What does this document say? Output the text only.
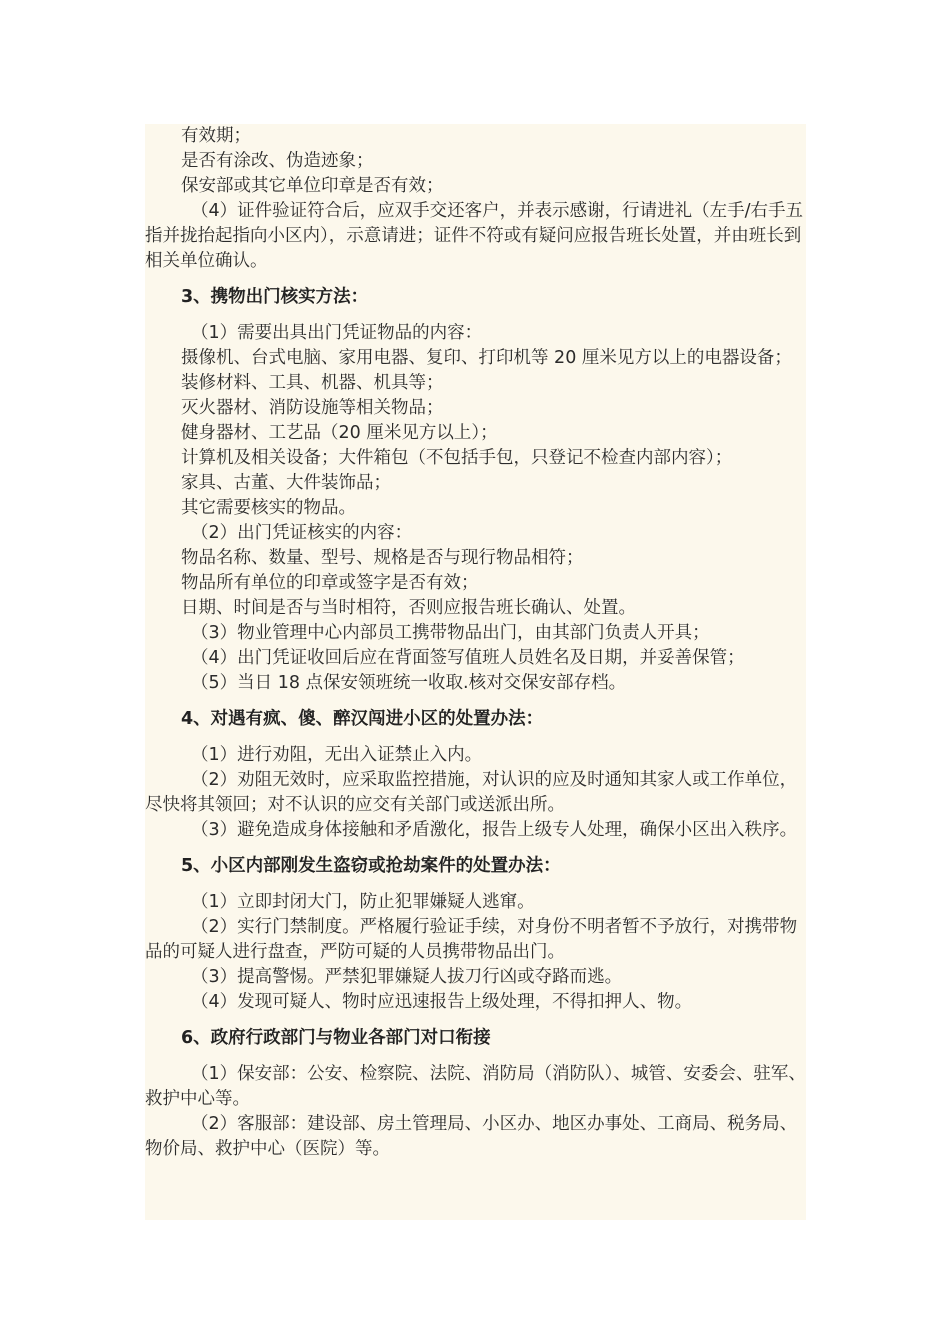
有效期；

是否有涂改、伪造迹象；

保安部或其它单位印章是否有效；

（4）证件验证符合后，应双手交还客户，并表示感谢，行请进礼（左手/右手五指并拢抬起指向小区内），示意请进；证件不符或有疑问应报告班长处置，并由班长到相关单位确认。

3、携物出门核实方法：

（1）需要出具出门凭证物品的内容：

摄像机、台式电脑、家用电器、复印、打印机等 20 厘米见方以上的电器设备；

装修材料、工具、机器、机具等；

灭火器材、消防设施等相关物品；

健身器材、工艺品（20 厘米见方以上）；

计算机及相关设备；大件箱包（不包括手包，只登记不检查内部内容）；

家具、古董、大件装饰品；

其它需要核实的物品。

（2）出门凭证核实的内容：

物品名称、数量、型号、规格是否与现行物品相符；

物品所有单位的印章或签字是否有效；

日期、时间是否与当时相符，否则应报告班长确认、处置。

（3）物业管理中心内部员工携带物品出门，由其部门负责人开具；

（4）出门凭证收回后应在背面签写值班人员姓名及日期，并妥善保管；

（5）当日 18 点保安领班统一收取.核对交保安部存档。

4、对遇有疯、傻、醉汉闯进小区的处置办法：

（1）进行劝阻，无出入证禁止入内。

（2）劝阻无效时，应采取监控措施，对认识的应及时通知其家人或工作单位，尽快将其领回；对不认识的应交有关部门或送派出所。

（3）避免造成身体接触和矛盾激化，报告上级专人处理，确保小区出入秩序。

5、小区内部刚发生盗窃或抢劫案件的处置办法：

（1）立即封闭大门，防止犯罪嫌疑人逃窜。

（2）实行门禁制度。严格履行验证手续，对身份不明者暂不予放行，对携带物品的可疑人进行盘查，严防可疑的人员携带物品出门。

（3）提高警惕。严禁犯罪嫌疑人拔刀行凶或夺路而逃。

（4）发现可疑人、物时应迅速报告上级处理，不得扣押人、物。

6、政府行政部门与物业各部门对口衔接

（1）保安部：公安、检察院、法院、消防局（消防队）、城管、安委会、驻军、救护中心等。

（2）客服部：建设部、房土管理局、小区办、地区办事处、工商局、税务局、物价局、救护中心（医院）等。
